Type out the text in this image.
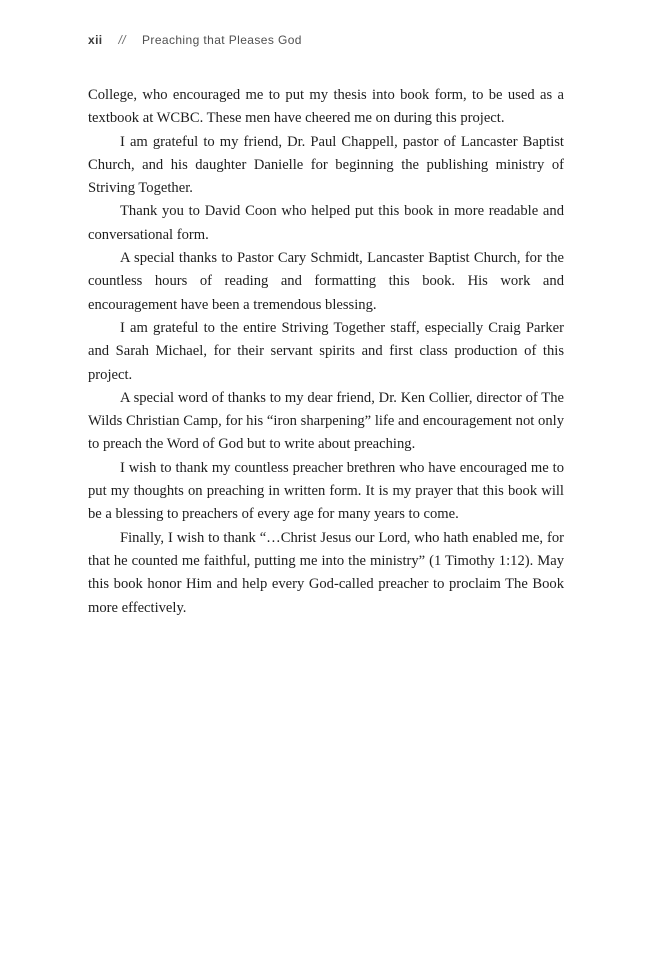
xii // Preaching that Pleases God

College, who encouraged me to put my thesis into book form, to be used as a textbook at WCBC. These men have cheered me on during this project.

I am grateful to my friend, Dr. Paul Chappell, pastor of Lancaster Baptist Church, and his daughter Danielle for beginning the publishing ministry of Striving Together.

Thank you to David Coon who helped put this book in more readable and conversational form.

A special thanks to Pastor Cary Schmidt, Lancaster Baptist Church, for the countless hours of reading and formatting this book. His work and encouragement have been a tremendous blessing.

I am grateful to the entire Striving Together staff, especially Craig Parker and Sarah Michael, for their servant spirits and first class production of this project.

A special word of thanks to my dear friend, Dr. Ken Collier, director of The Wilds Christian Camp, for his “iron sharpening” life and encouragement not only to preach the Word of God but to write about preaching.

I wish to thank my countless preacher brethren who have encouraged me to put my thoughts on preaching in written form. It is my prayer that this book will be a blessing to preachers of every age for many years to come.

Finally, I wish to thank “…Christ Jesus our Lord, who hath enabled me, for that he counted me faithful, putting me into the ministry” (1 Timothy 1:12). May this book honor Him and help every God-called preacher to proclaim The Book more effectively.
